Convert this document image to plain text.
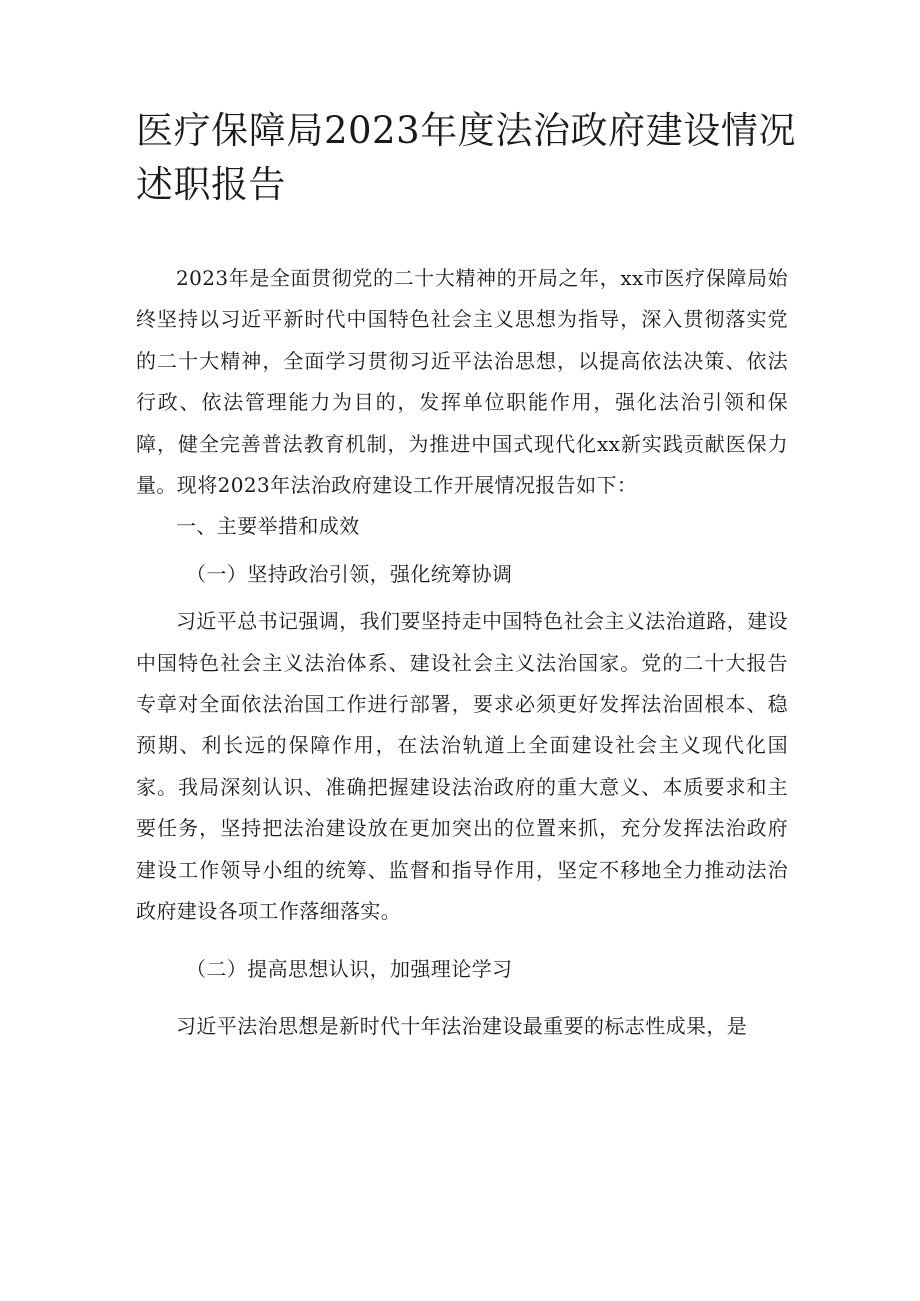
医疗保障局2023年度法治政府建设情况述职报告

2023年是全面贯彻党的二十大精神的开局之年，xx市医疗保障局始终坚持以习近平新时代中国特色社会主义思想为指导，深入贯彻落实党的二十大精神，全面学习贯彻习近平法治思想，以提高依法决策、依法行政、依法管理能力为目的，发挥单位职能作用，强化法治引领和保障，健全完善普法教育机制，为推进中国式现代化xx新实践贡献医保力量。现将2023年法治政府建设工作开展情况报告如下：

一、主要举措和成效

（一）坚持政治引领，强化统筹协调

习近平总书记强调，我们要坚持走中国特色社会主义法治道路，建设中国特色社会主义法治体系、建设社会主义法治国家。党的二十大报告专章对全面依法治国工作进行部署，要求必须更好发挥法治固根本、稳预期、利长远的保障作用，在法治轨道上全面建设社会主义现代化国家。我局深刻认识、准确把握建设法治政府的重大意义、本质要求和主要任务，坚持把法治建设放在更加突出的位置来抓，充分发挥法治政府建设工作领导小组的统筹、监督和指导作用，坚定不移地全力推动法治政府建设各项工作落细落实。

（二）提高思想认识，加强理论学习

习近平法治思想是新时代十年法治建设最重要的标志性成果，是
